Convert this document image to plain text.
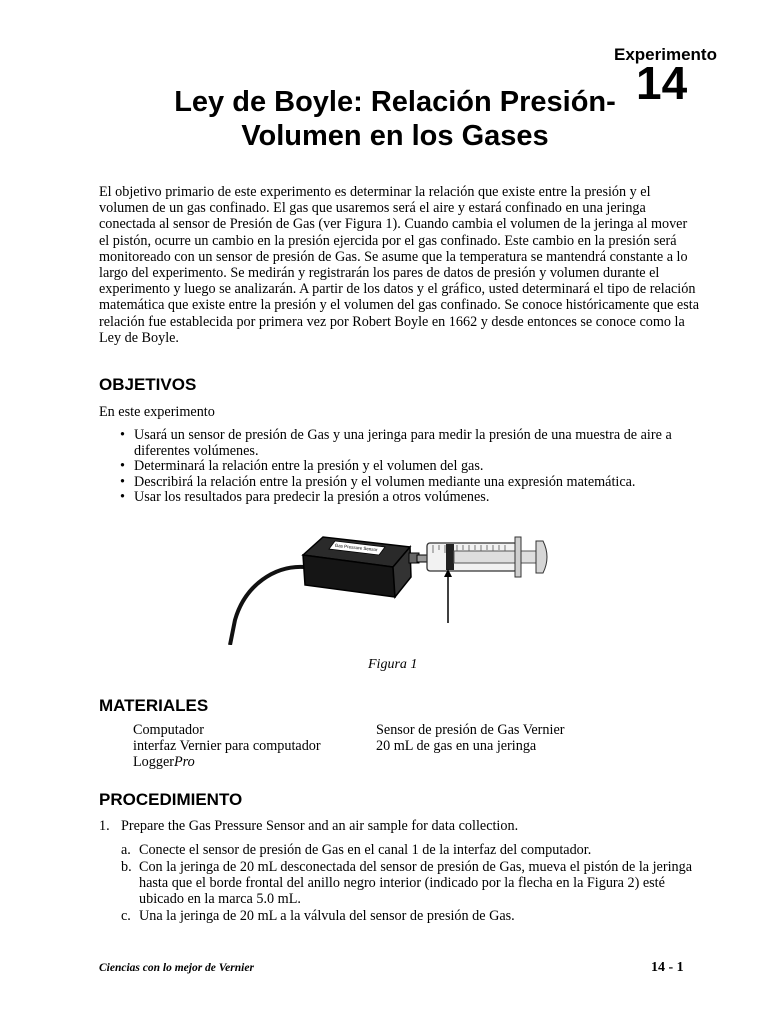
Experimento
14
Ley de Boyle: Relación Presión-
Volumen en los Gases

El objetivo primario de este experimento es determinar la relación que existe entre la presión y el volumen de un gas confinado. El gas que usaremos será el aire y estará confinado en una jeringa conectada al sensor de Presión de Gas (ver Figura 1). Cuando cambia el volumen de la jeringa al mover el pistón, ocurre un cambio en la presión ejercida por el gas confinado. Este cambio en la presión será monitoreado con un sensor de presión de Gas. Se asume que la temperatura se mantendrá constante a lo largo del experimento. Se medirán y registrarán los pares de datos de presión y volumen durante el experimento y luego se analizarán. A partir de los datos y el gráfico, usted determinará el tipo de relación matemática que existe entre la presión y el volumen del gas confinado. Se conoce históricamente que esta relación fue establecida por primera vez por Robert Boyle en 1662 y desde entonces se conoce como la Ley de Boyle.

OBJETIVOS

En este experimento

• Usará un sensor de presión de Gas y una jeringa para medir la presión de una muestra de aire a diferentes volúmenes.
• Determinará la relación entre la presión y el volumen del gas.
• Describirá la relación entre la presión y el volumen mediante una expresión matemática.
• Usar los resultados para predecir la presión a otros volúmenes.
Gas Pressure Sensor
Figura 1
MATERIALES
Computador
interfaz Vernier para computador
LoggerPro
Sensor de presión de Gas Vernier
20 mL de gas en una jeringa
PROCEDIMIENTO
1. Prepare the Gas Pressure Sensor and an air sample for data collection.
a. Conecte el sensor de presión de Gas en el canal 1 de la interfaz del computador.
b. Con la jeringa de 20 mL desconectada del sensor de presión de Gas, mueva el pistón de la jeringa hasta que el borde frontal del anillo negro interior (indicado por la flecha en la Figura 2) esté ubicado en la marca 5.0 mL.
c. Una la jeringa de 20 mL a la válvula del sensor de presión de Gas.
Ciencias con lo mejor de Vernier	14 - 1
